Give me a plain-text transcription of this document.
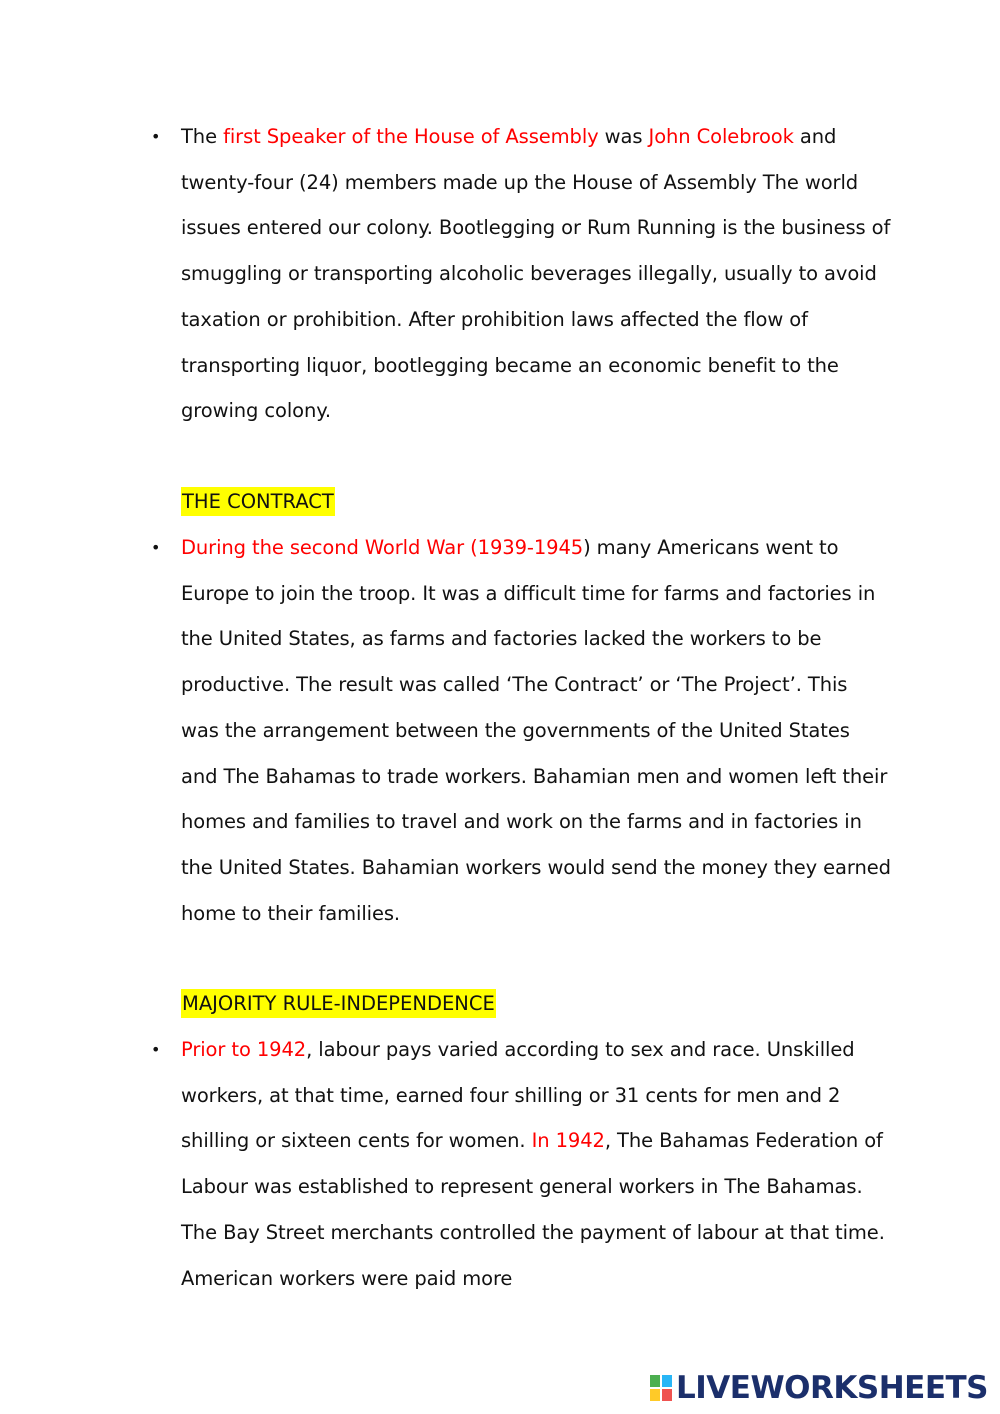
• The first Speaker of the House of Assembly was John Colebrook and twenty-four (24) members made up the House of Assembly The world issues entered our colony. Bootlegging or Rum Running is the business of smuggling or transporting alcoholic beverages illegally, usually to avoid taxation or prohibition. After prohibition laws affected the flow of transporting liquor, bootlegging became an economic benefit to the growing colony.
THE CONTRACT
• During the second World War (1939-1945) many Americans went to Europe to join the troop. It was a difficult time for farms and factories in the United States, as farms and factories lacked the workers to be productive. The result was called ‘The Contract’ or ‘The Project’. This was the arrangement between the governments of the United States and The Bahamas to trade workers. Bahamian men and women left their homes and families to travel and work on the farms and in factories in the United States. Bahamian workers would send the money they earned home to their families.
MAJORITY RULE-INDEPENDENCE
• Prior to 1942, labour pays varied according to sex and race. Unskilled workers, at that time, earned four shilling or 31 cents for men and 2 shilling or sixteen cents for women. In 1942, The Bahamas Federation of Labour was established to represent general workers in The Bahamas. The Bay Street merchants controlled the payment of labour at that time. American workers were paid more
LIVEWORKSHEETS
